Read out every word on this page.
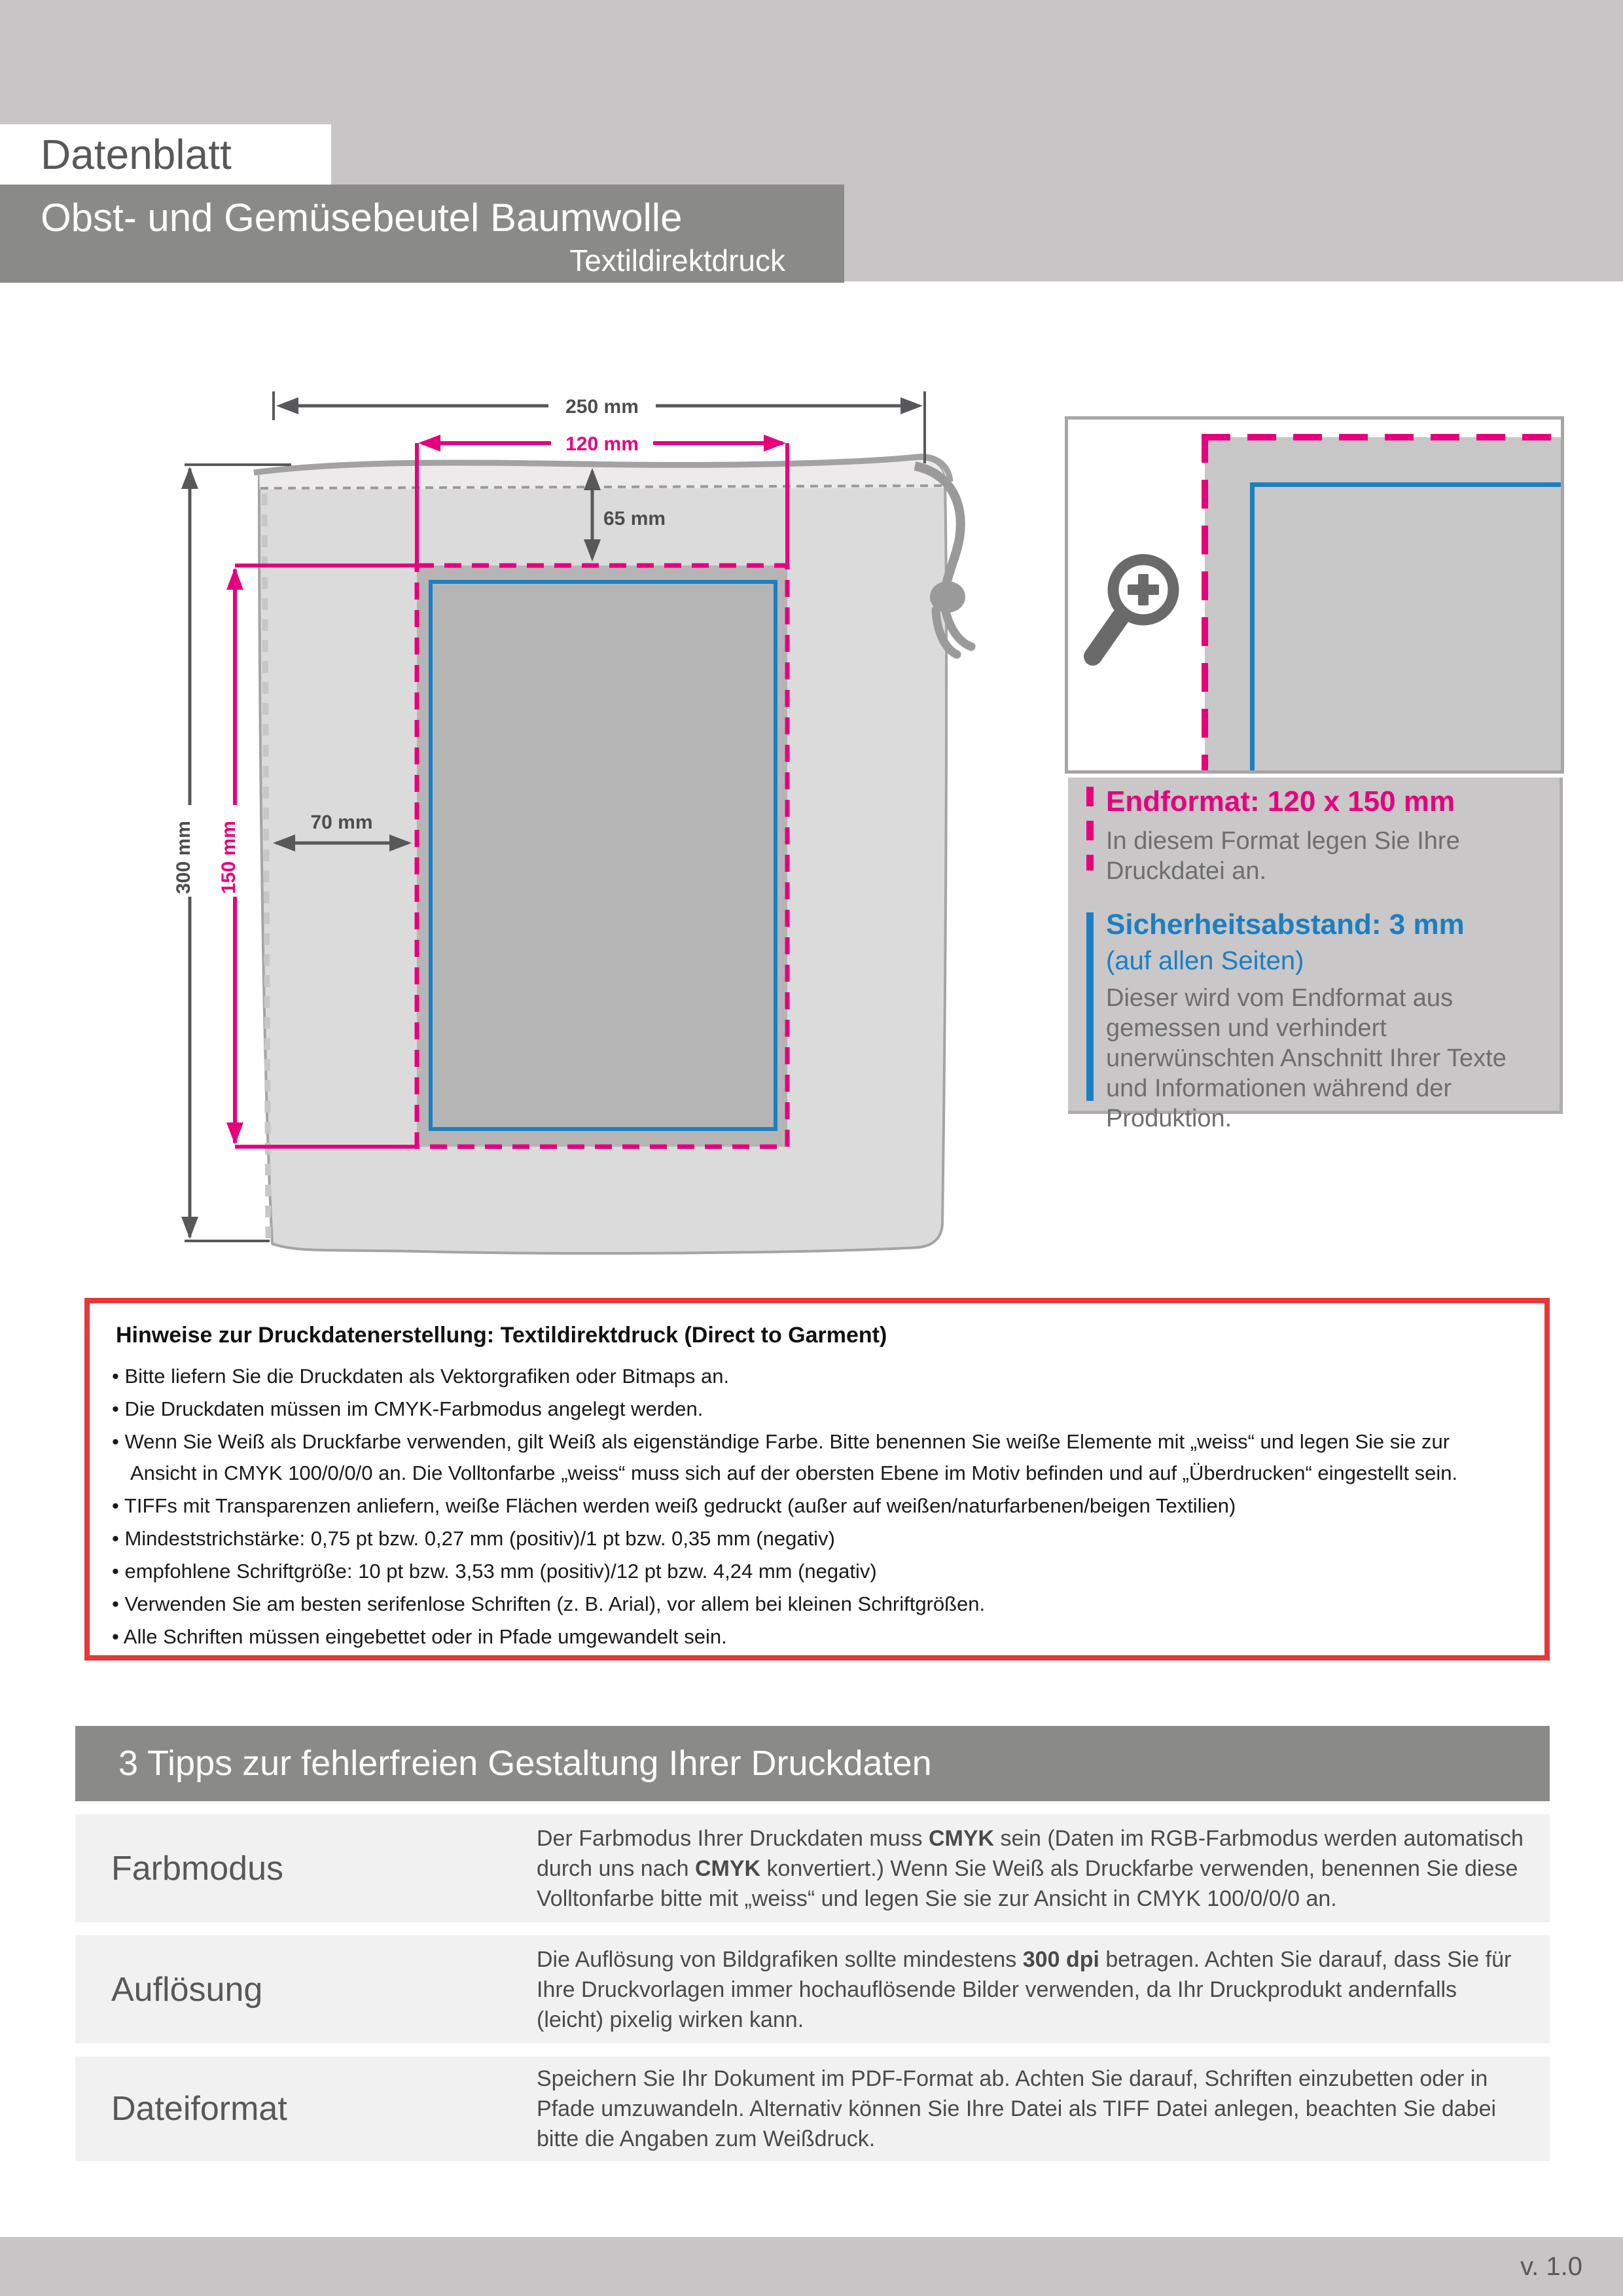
Datenblatt
Obst- und Gemüsebeutel Baumwolle
Textildirektdruck
250 mm
120 mm
65 mm
300 mm 150 mm	70 mm
Endformat: 120 x 150 mm
In diesem Format legen Sie Ihre Druckdatei an.
Sicherheitsabstand: 3 mm
(auf allen Seiten)
Dieser wird vom Endformat aus gemessen und verhindert unerwünschten Anschnitt Ihrer Texte und Informationen während der Produktion.
Hinweise zur Druckdatenerstellung: Textildirektdruck (Direct to Garment)
• Bitte liefern Sie die Druckdaten als Vektorgrafiken oder Bitmaps an.
• Die Druckdaten müssen im CMYK-Farbmodus angelegt werden.
• Wenn Sie Weiß als Druckfarbe verwenden, gilt Weiß als eigenständige Farbe. Bitte benennen Sie weiße Elemente mit „weiss“ und legen Sie sie zur Ansicht in CMYK 100/0/0/0 an. Die Volltonfarbe „weiss“ muss sich auf der obersten Ebene im Motiv befinden und auf „Überdrucken“ eingestellt sein.
• TIFFs mit Transparenzen anliefern, weiße Flächen werden weiß gedruckt (außer auf weißen/naturfarbenen/beigen Textilien)
• Mindeststrichstärke: 0,75 pt bzw. 0,27 mm (positiv)/1 pt bzw. 0,35 mm (negativ)
• empfohlene Schriftgröße: 10 pt bzw. 3,53 mm (positiv)/12 pt bzw. 4,24 mm (negativ)
• Verwenden Sie am besten serifenlose Schriften (z. B. Arial), vor allem bei kleinen Schriftgrößen.
• Alle Schriften müssen eingebettet oder in Pfade umgewandelt sein.
3 Tipps zur fehlerfreien Gestaltung Ihrer Druckdaten
Farbmodus
Der Farbmodus Ihrer Druckdaten muss CMYK sein (Daten im RGB-Farbmodus werden automatisch durch uns nach CMYK konvertiert.) Wenn Sie Weiß als Druckfarbe verwenden, benennen Sie diese Volltonfarbe bitte mit „weiss“ und legen Sie sie zur Ansicht in CMYK 100/0/0/0 an.
Auflösung
Die Auflösung von Bildgrafiken sollte mindestens 300 dpi betragen. Achten Sie darauf, dass Sie für Ihre Druckvorlagen immer hochauflösende Bilder verwenden, da Ihr Druckprodukt andernfalls (leicht) pixelig wirken kann.
Dateiformat
Speichern Sie Ihr Dokument im PDF-Format ab. Achten Sie darauf, Schriften einzubetten oder in Pfade umzuwandeln. Alternativ können Sie Ihre Datei als TIFF Datei anlegen, beachten Sie dabei bitte die Angaben zum Weißdruck.
v. 1.0
